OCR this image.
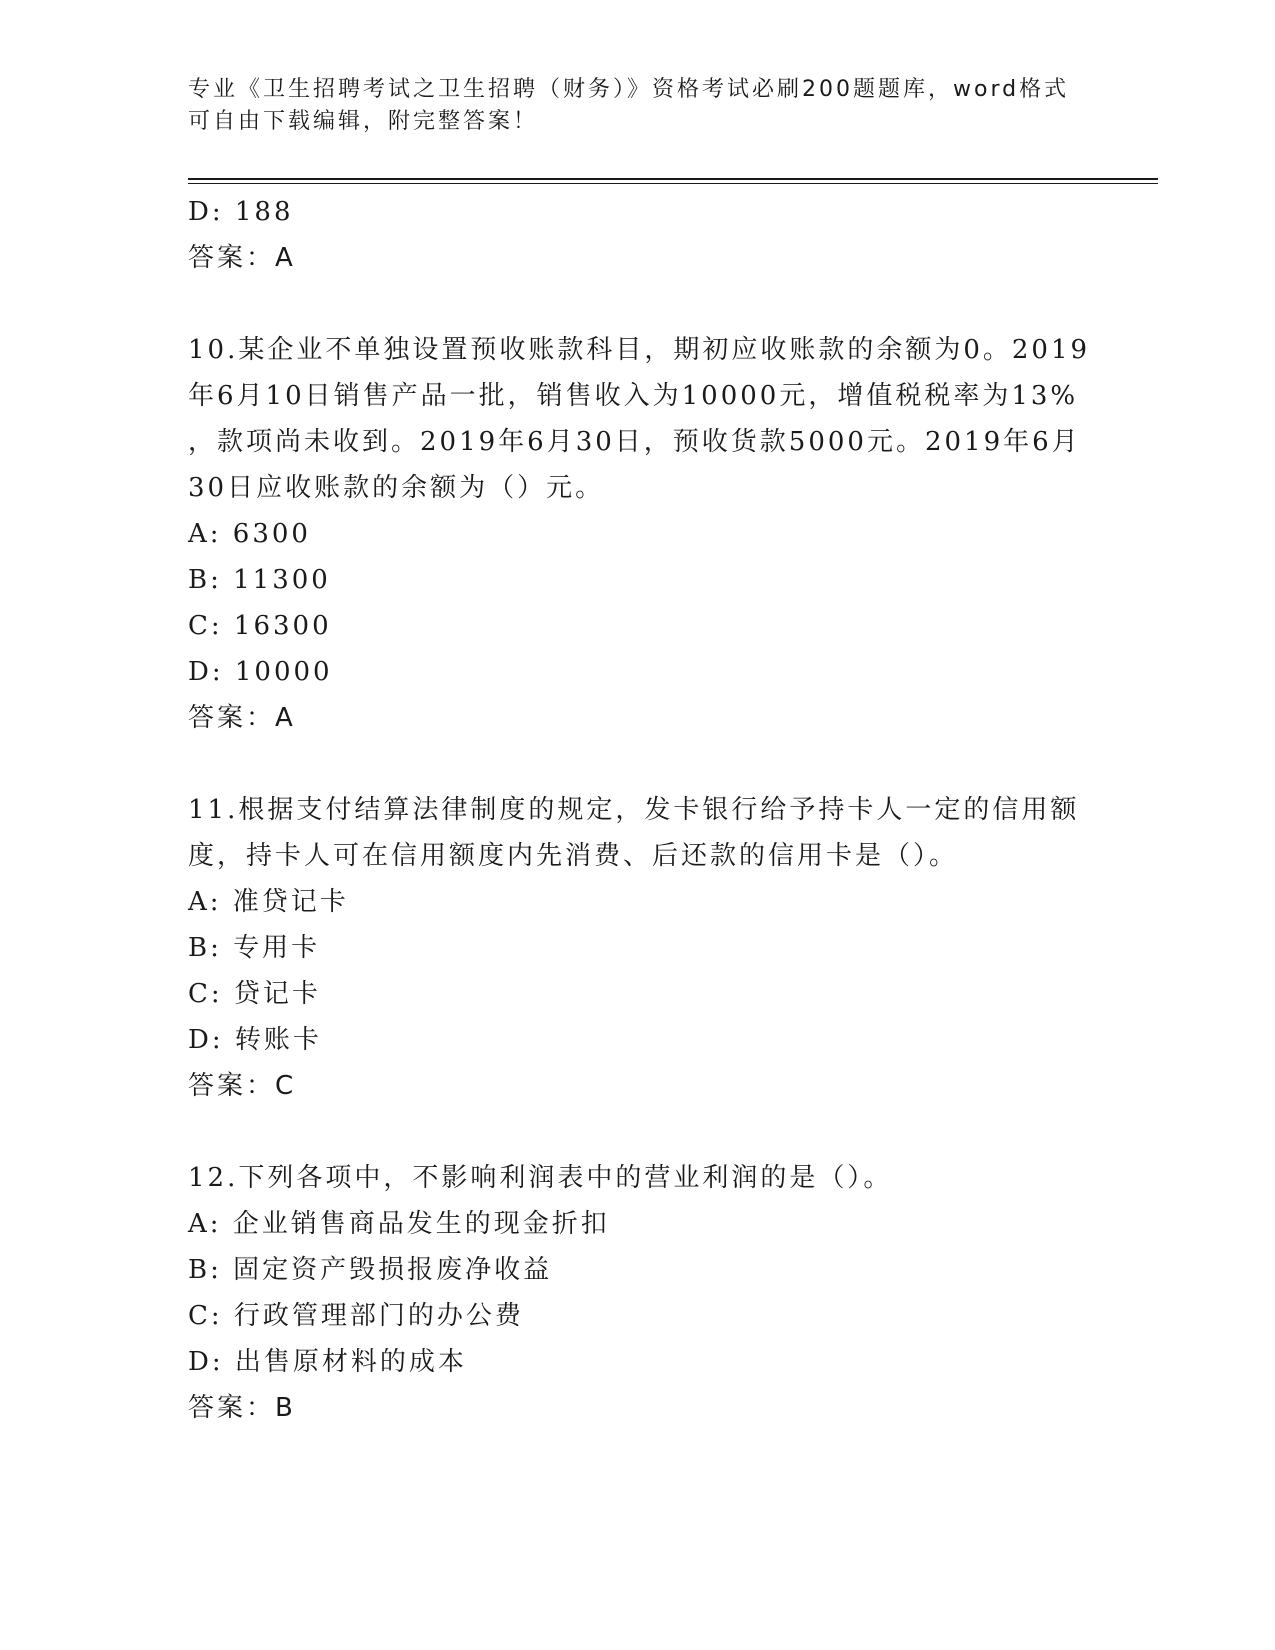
专业《卫生招聘考试之卫生招聘（财务）》资格考试必刷200题题库，word格式可自由下载编辑，附完整答案！
D: 188
答案：A
10.某企业不单独设置预收账款科目，期初应收账款的余额为0。2019
年6月10日销售产品一批，销售收入为10000元，增值税税率为13%
，款项尚未收到。2019年6月30日，预收货款5000元。2019年6月
30日应收账款的余额为（）元。
A: 6300
B: 11300
C: 16300
D: 10000
答案：A
11.根据支付结算法律制度的规定，发卡银行给予持卡人一定的信用额
度，持卡人可在信用额度内先消费、后还款的信用卡是（）。
A: 准贷记卡
B: 专用卡
C: 贷记卡
D: 转账卡
答案：C
12.下列各项中，不影响利润表中的营业利润的是（）。
A: 企业销售商品发生的现金折扣
B: 固定资产毁损报废净收益
C: 行政管理部门的办公费
D: 出售原材料的成本
答案：B
